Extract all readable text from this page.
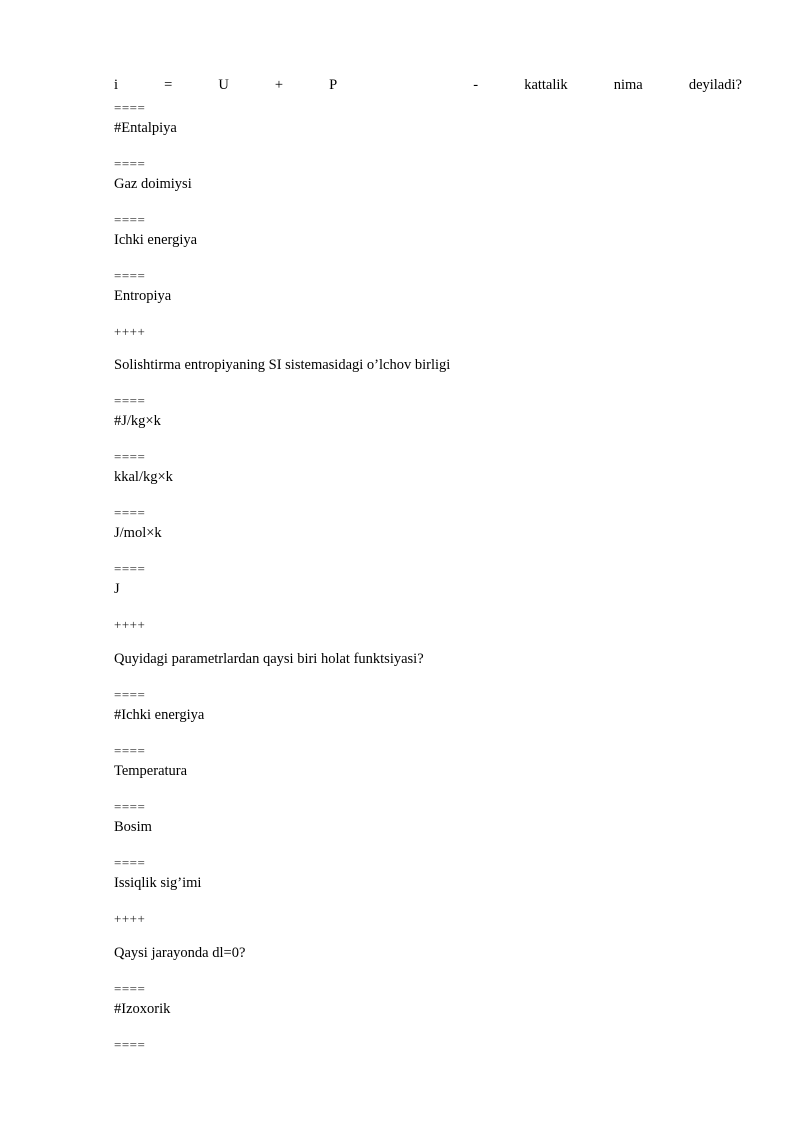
i	=	U	+	P	-	kattalik	nima	deyiladi?
====
#Entalpiya
====
Gaz doimiysi
====
Ichki energiya
====
Entropiya
++++
Solishtirma entropiyaning SI sistemasidagi o’lchov birligi
====
#J/kg×k
====
kkal/kg×k
====
J/mol×k
====
J
++++
Quyidagi parametrlardan qaysi biri holat funktsiyasi?
====
#Ichki energiya
====
Temperatura
====
Bosim
====
Issiqlik sig’imi
++++
Qaysi jarayonda dl=0?
====
#Izoxorik
====
